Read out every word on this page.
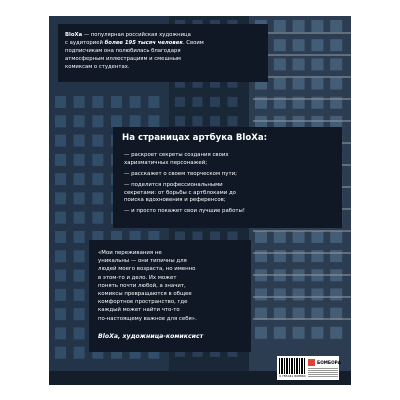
BloXa — популярная российская художница
с аудиторией более 195 тысяч человек. Своим
подписчикам она полюбилась благодаря
атмосферным иллюстрациям и смешным
комиксам о студентах.

На страницах артбука BloXa:

— раскроет секреты создания своих

харизматичных персонажей;

— расскажет о своем творческом пути;

— поделится профессиональными

секретами: от борьбы с артблоками до

поиска вдохновения и референсов;

— и просто покажет свои лучшие работы!

«Мои переживания не
уникальны — они типичны для
людей моего возраста, но именно
в этом-то и дело. Их может
понять почти любой, а значит,
комиксы превращаются в общее
комфортное пространство, где
каждый может найти что-то
по-настоящему важное для себя».

BloXa, художница-комиксист

9 785041 898864
БОМБОРА
